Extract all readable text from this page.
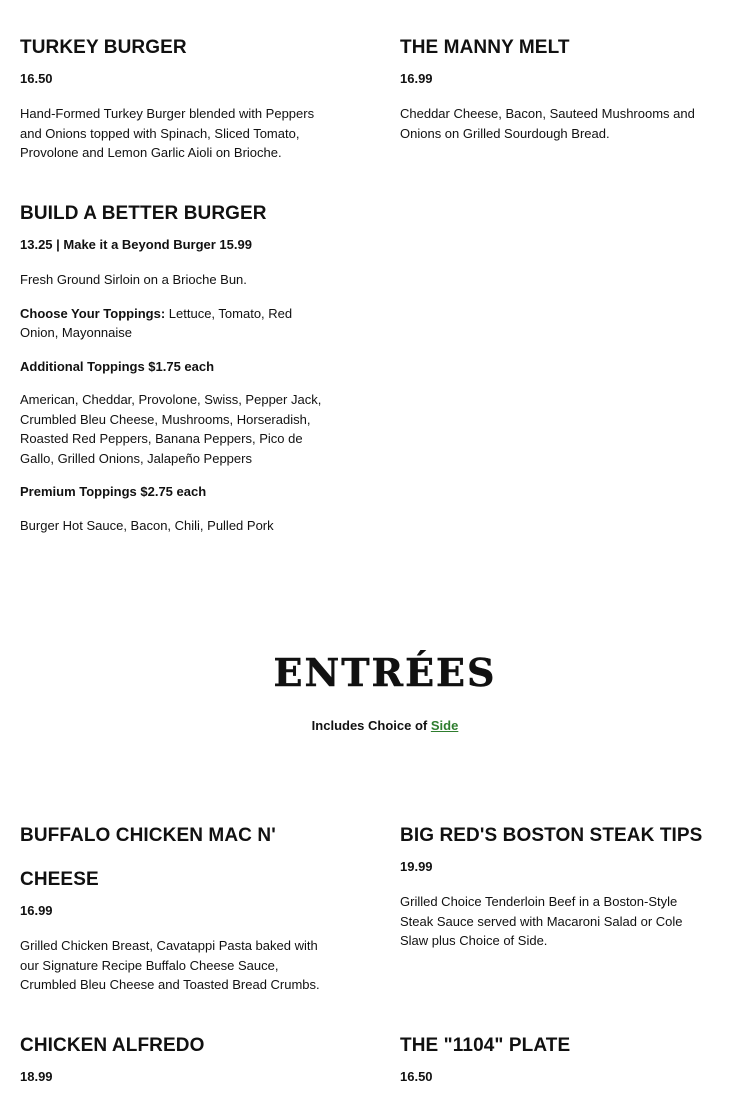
TURKEY BURGER

16.50

Hand-Formed Turkey Burger blended with Peppers and Onions topped with Spinach, Sliced Tomato, Provolone and Lemon Garlic Aioli on Brioche.

THE MANNY MELT

16.99

Cheddar Cheese, Bacon, Sauteed Mushrooms and Onions on Grilled Sourdough Bread.

BUILD A BETTER BURGER

13.25 | Make it a Beyond Burger 15.99

Fresh Ground Sirloin on a Brioche Bun.

Choose Your Toppings: Lettuce, Tomato, Red Onion, Mayonnaise

Additional Toppings $1.75 each

American, Cheddar, Provolone, Swiss, Pepper Jack, Crumbled Bleu Cheese, Mushrooms, Horseradish, Roasted Red Peppers, Banana Peppers, Pico de Gallo, Grilled Onions, Jalapeño Peppers

Premium Toppings $2.75 each

Burger Hot Sauce, Bacon, Chili, Pulled Pork

ENTRÉES

Includes Choice of Side

BUFFALO CHICKEN MAC N' CHEESE

16.99

Grilled Chicken Breast, Cavatappi Pasta baked with our Signature Recipe Buffalo Cheese Sauce, Crumbled Bleu Cheese and Toasted Bread Crumbs.

BIG RED'S BOSTON STEAK TIPS

19.99

Grilled Choice Tenderloin Beef in a Boston-Style Steak Sauce served with Macaroni Salad or Cole Slaw plus Choice of Side.

CHICKEN ALFREDO

18.99

THE "1104" PLATE

16.50
